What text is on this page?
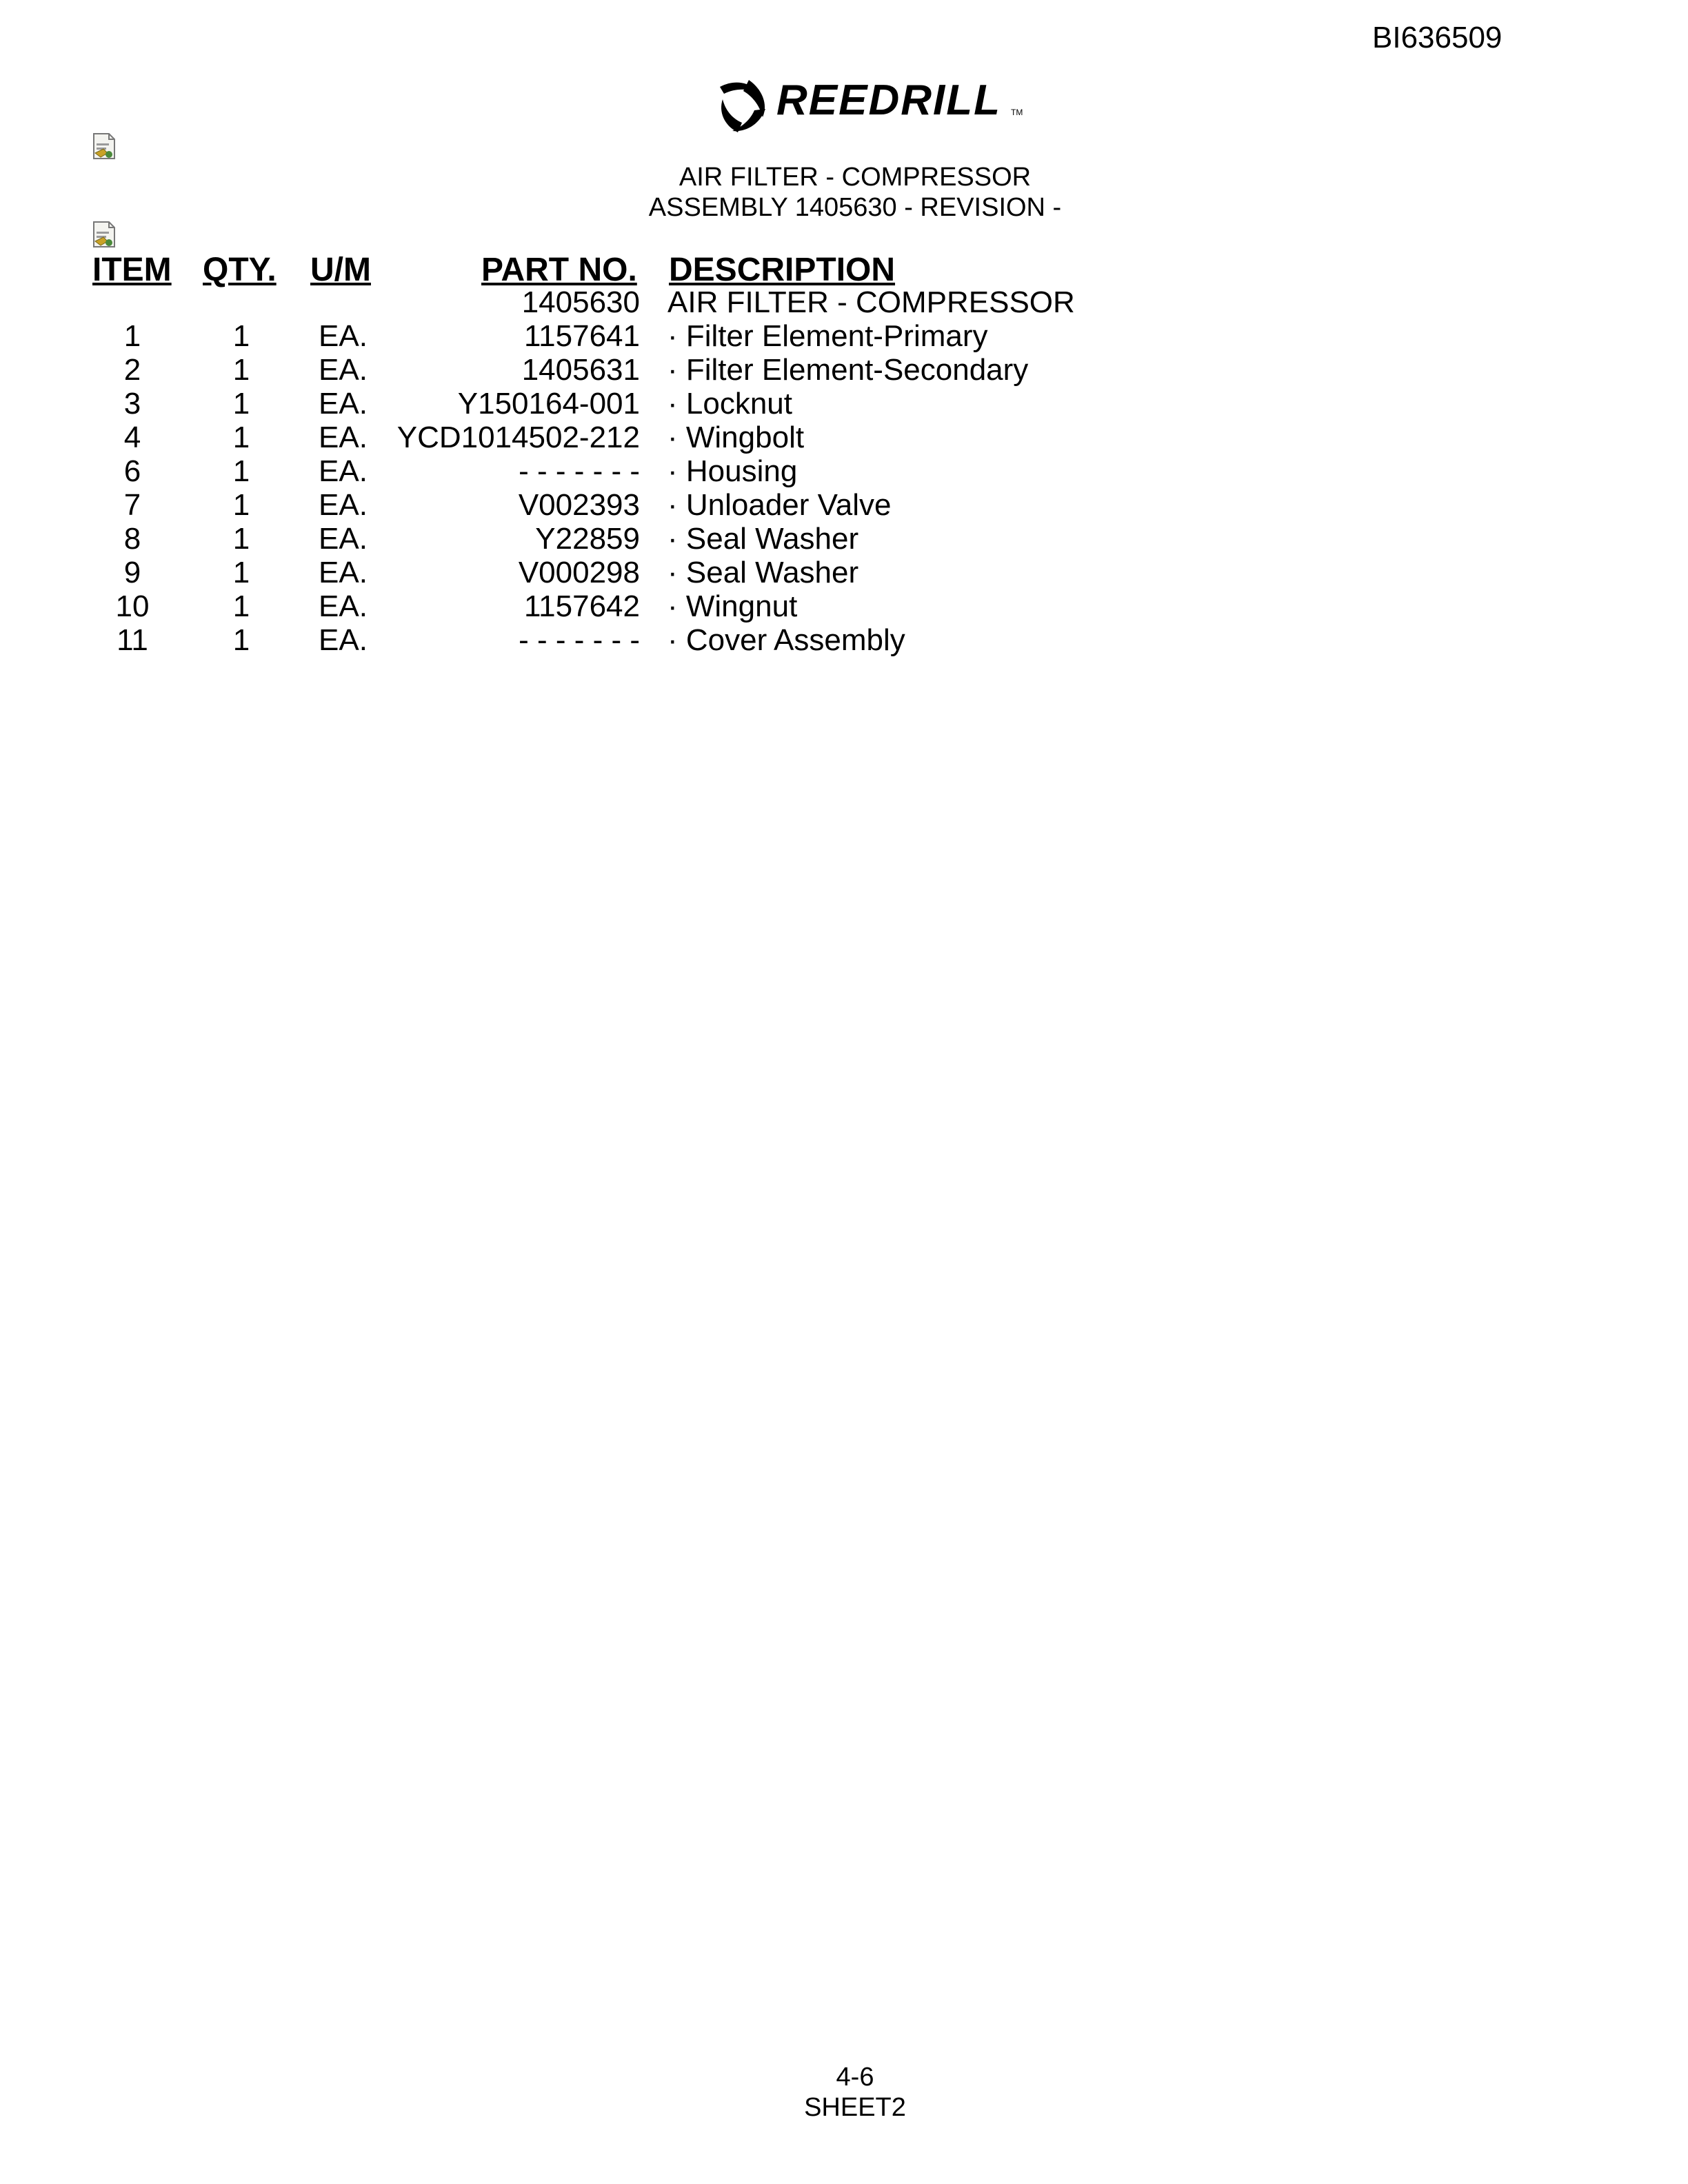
BI636509
REEDRILL TM
AIR FILTER - COMPRESSOR
ASSEMBLY 1405630 - REVISION -
ITEM QTY. U/M	PART NO. DESCRIPTION
1405630 AIR FILTER - COMPRESSOR
1	1	EA.	1157641 · Filter Element-Primary
2	1	EA.	1405631 · Filter Element-Secondary
3	1	EA.	Y150164-001 · Locknut
4	1	EA. YCD1014502-212 · Wingbolt
6	1	EA.	- - - - - - - · Housing
7	1	EA.	V002393 · Unloader Valve
8	1	EA.	Y22859 · Seal Washer
9	1	EA.	V000298 · Seal Washer
10	1	EA.	1157642 · Wingnut
11	1	EA.	- - - - - - - · Cover Assembly
4-6
SHEET2
